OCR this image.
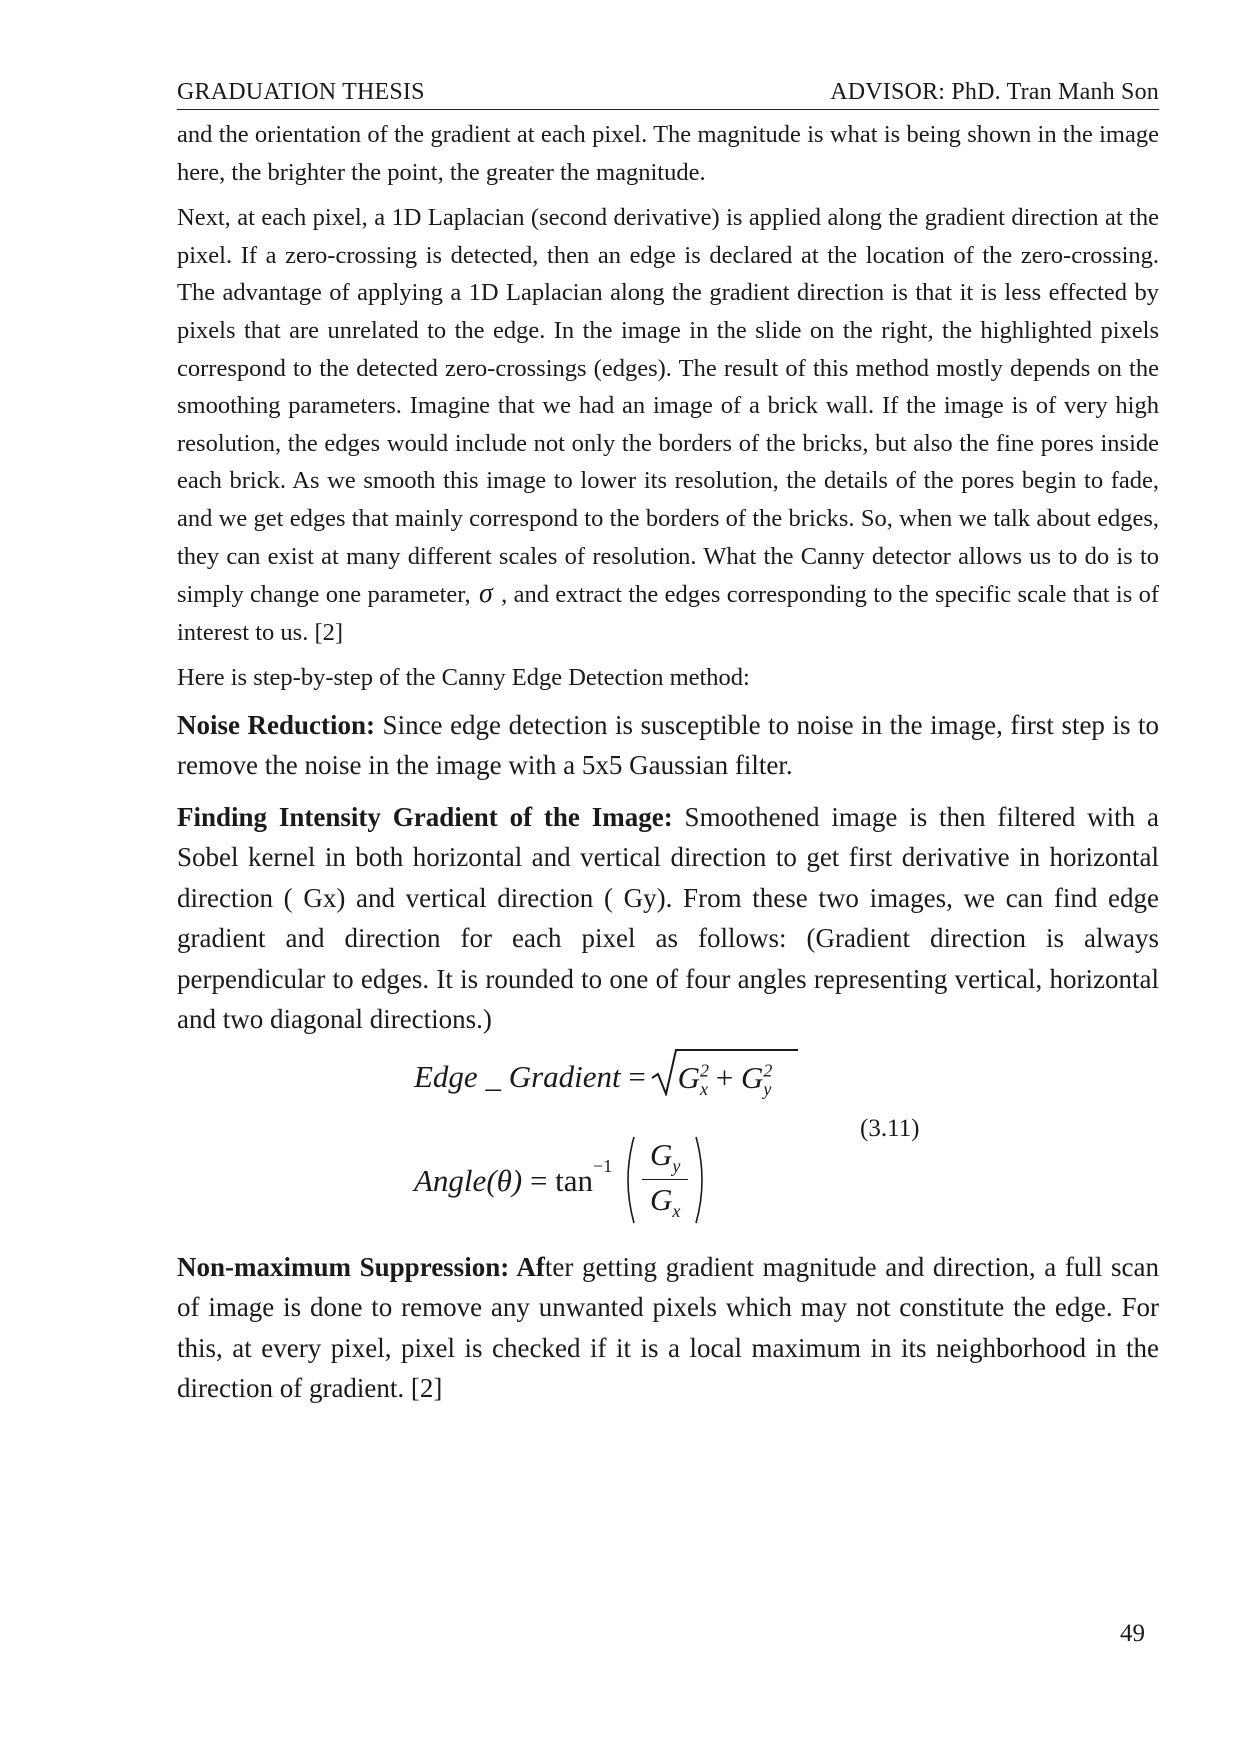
GRADUATION THESIS	ADVISOR: PhD. Tran Manh Son

and the orientation of the gradient at each pixel. The magnitude is what is being shown in the image here, the brighter the point, the greater the magnitude.

Next, at each pixel, a 1D Laplacian (second derivative) is applied along the gradient direction at the pixel. If a zero-crossing is detected, then an edge is declared at the location of the zero-crossing. The advantage of applying a 1D Laplacian along the gradient direction is that it is less effected by pixels that are unrelated to the edge. In the image in the slide on the right, the highlighted pixels correspond to the detected zero-crossings (edges). The result of this method mostly depends on the smoothing parameters. Imagine that we had an image of a brick wall. If the image is of very high resolution, the edges would include not only the borders of the bricks, but also the fine pores inside each brick. As we smooth this image to lower its resolution, the details of the pores begin to fade, and we get edges that mainly correspond to the borders of the bricks. So, when we talk about edges, they can exist at many different scales of resolution. What the Canny detector allows us to do is to simply change one parameter, σ , and extract the edges corresponding to the specific scale that is of interest to us. [2]

Here is step-by-step of the Canny Edge Detection method:

Noise Reduction: Since edge detection is susceptible to noise in the image, first step is to remove the noise in the image with a 5x5 Gaussian filter.

Finding Intensity Gradient of the Image: Smoothened image is then filtered with a Sobel kernel in both horizontal and vertical direction to get first derivative in horizontal direction ( Gx) and vertical direction ( Gy). From these two images, we can find edge gradient and direction for each pixel as follows: (Gradient direction is always perpendicular to edges. It is rounded to one of four angles representing vertical, horizontal and two diagonal directions.)

Edge _ Gradient = $G^2_x + G^2_y$
Angle(θ) = $\tan^{-1} \frac{G_y}{G_x}$
(3.11)

Non-maximum Suppression: After getting gradient magnitude and direction, a full scan of image is done to remove any unwanted pixels which may not constitute the edge. For this, at every pixel, pixel is checked if it is a local maximum in its neighborhood in the direction of gradient. [2]

49
